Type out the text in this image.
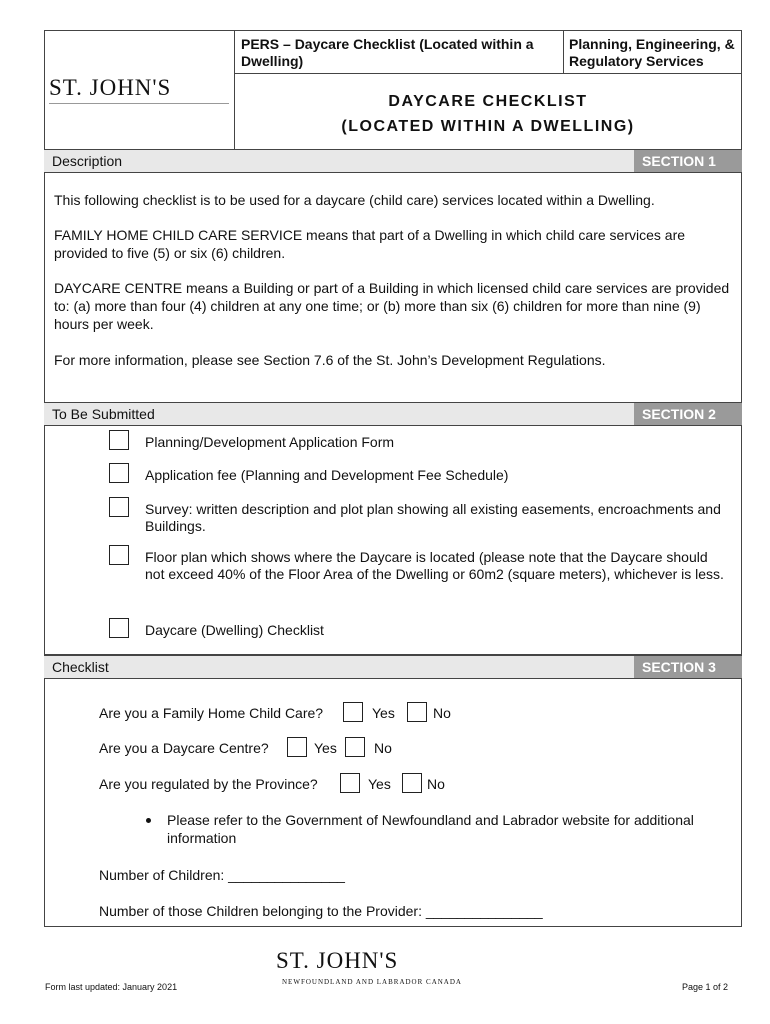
ST. JOHN'S
PERS – Daycare Checklist (Located within a Dwelling)
Planning, Engineering, & Regulatory Services
DAYCARE CHECKLIST
(LOCATED WITHIN A DWELLING)
Description	SECTION 1
This following checklist is to be used for a daycare (child care) services located within a Dwelling.
FAMILY HOME CHILD CARE SERVICE means that part of a Dwelling in which child care services are provided to five (5) or six (6) children.
DAYCARE CENTRE means a Building or part of a Building in which licensed child care services are provided to: (a) more than four (4) children at any one time; or (b) more than six (6) children for more than nine (9) hours per week.
For more information, please see Section 7.6 of the St. John’s Development Regulations.
To Be Submitted	SECTION 2
Planning/Development Application Form
Application fee (Planning and Development Fee Schedule)
Survey: written description and plot plan showing all existing easements, encroachments and Buildings.
Floor plan which shows where the Daycare is located (please note that the Daycare should not exceed 40% of the Floor Area of the Dwelling or 60m2 (square meters), whichever is less.
Daycare (Dwelling) Checklist
Checklist	SECTION 3
Are you a Family Home Child Care?	Yes	No
Are you a Daycare Centre?	Yes	No
Are you regulated by the Province?	Yes	No
Please refer to the Government of Newfoundland and Labrador website for additional information
Number of Children: _______________
Number of those Children belonging to the Provider: _______________
Form last updated: January 2021
ST. JOHN'S
NEWFOUNDLAND AND LABRADOR CANADA	Page 1 of 2
